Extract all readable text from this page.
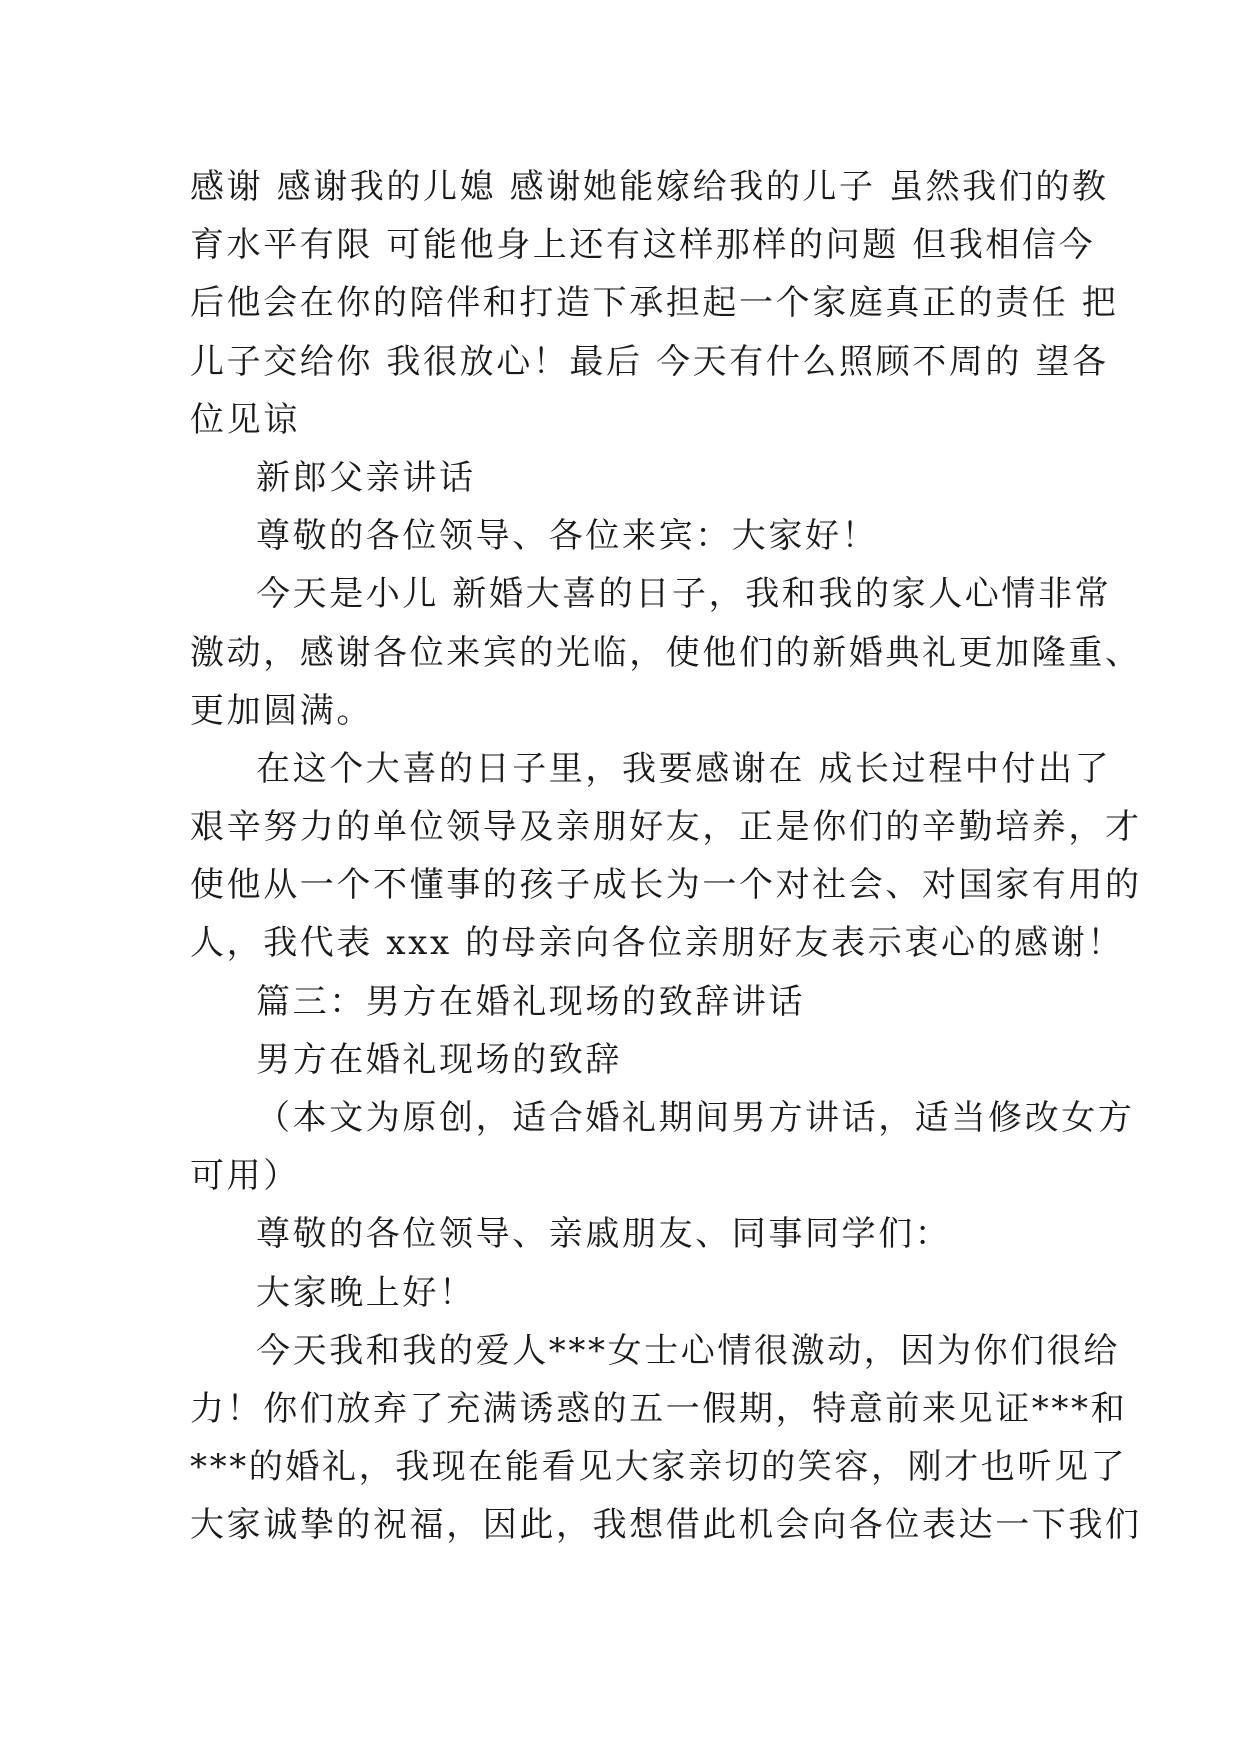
感谢 感谢我的儿媳 感谢她能嫁给我的儿子 虽然我们的教
育水平有限 可能他身上还有这样那样的问题 但我相信今
后他会在你的陪伴和打造下承担起一个家庭真正的责任 把
儿子交给你 我很放心！最后 今天有什么照顾不周的 望各
位见谅
新郎父亲讲话
尊敬的各位领导、各位来宾：大家好！
今天是小儿 新婚大喜的日子，我和我的家人心情非常
激动，感谢各位来宾的光临，使他们的新婚典礼更加隆重、
更加圆满。
在这个大喜的日子里，我要感谢在 成长过程中付出了
艰辛努力的单位领导及亲朋好友，正是你们的辛勤培养，才
使他从一个不懂事的孩子成长为一个对社会、对国家有用的
人，我代表 xxx 的母亲向各位亲朋好友表示衷心的感谢！
篇三：男方在婚礼现场的致辞讲话
男方在婚礼现场的致辞
（本文为原创，适合婚礼期间男方讲话，适当修改女方
可用）
尊敬的各位领导、亲戚朋友、同事同学们：
大家晚上好！
今天我和我的爱人***女士心情很激动，因为你们很给
力！你们放弃了充满诱惑的五一假期，特意前来见证***和
***的婚礼，我现在能看见大家亲切的笑容，刚才也听见了
大家诚挚的祝福，因此，我想借此机会向各位表达一下我们
